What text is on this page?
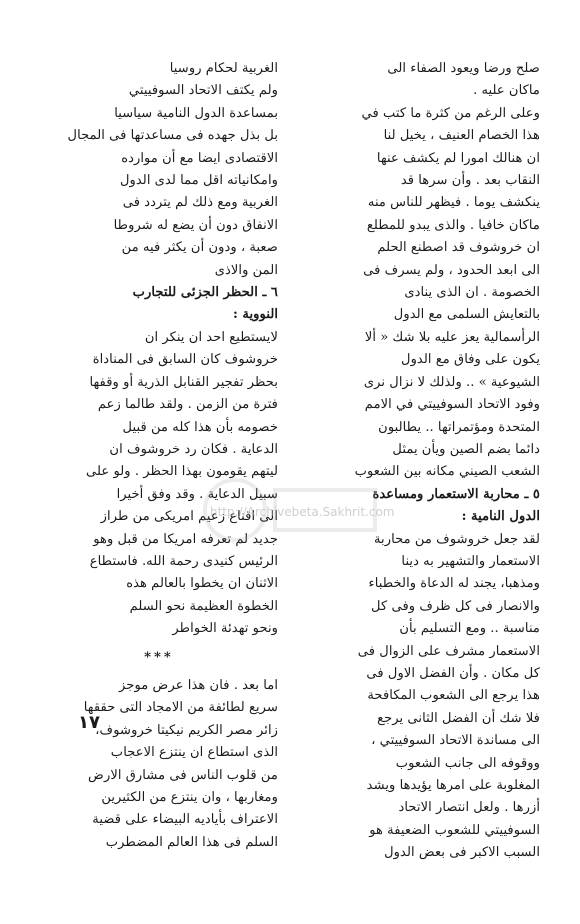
صلح ورضا ويعود الصفاء الى
ماكان عليه .
وعلى الرغم من كثرة ما كتب في
هذا الخصام العنيف ، يخيل لنا
ان هنالك امورا لم يكشف عنها
النقاب بعد . وأن سرها قد
ينكشف يوما . فيظهر للناس منه
ماكان خافيا . والذى يبدو للمطلع
ان خروشوف قد اصطنع الحلم
الى ابعد الحدود ، ولم يسرف فى
الخصومة . ان الذى ينادى
بالتعايش السلمى مع الدول
الرأسمالية يعز عليه بلا شك « ألا
يكون على وفاق مع الدول
الشيوعية » .. ولذلك لا نزال نرى
وفود الاتحاد السوفييتي في الامم
المتحدة ومؤتمراتها .. يطالبون
دائما بضم الصين ويأن يمثل
الشعب الصيني مكانه بين الشعوب
٥ ـ محاربة الاستعمار ومساعدة
الدول النامية :
لقد جعل خروشوف من محاربة
الاستعمار والتشهير به دينا
ومذهبا، يجند له الدعاة والخطباء
والانصار فى كل ظرف وفى كل
مناسبة .. ومع التسليم بأن
الاستعمار مشرف على الزوال فى
كل مكان . وأن الفضل الاول فى
هذا يرجع الى الشعوب المكافحة
فلا شك أن الفضل الثانى يرجع
الى مساندة الاتحاد السوفييتي ،
ووقوفه الى جانب الشعوب
المغلوبة على امرها يؤيدها ويشد
أزرها . ولعل انتصار الاتحاد
السوفييتي للشعوب الضعيفة هو
السبب الاكبر فى بعض الدول
الغربية لحكام روسيا
ولم يكتف الاتحاد السوفييتي
بمساعدة الدول النامية سياسيا
بل بذل جهده فى مساعدتها فى المجال
الاقتصادى ايضا مع أن موارده
وامكانياته اقل مما لدى الدول
الغربية ومع ذلك لم يتردد فى
الانفاق دون أن يضع له شروطا
صعبة ، ودون أن يكثر فيه من
المن والاذى
٦ ـ الحظر الجزئى للتجارب
النووية :
لايستطيع احد ان ينكر ان
خروشوف كان السابق فى المناداة
بحظر تفجير القنابل الذرية أو وقفها
فترة من الزمن . ولقد طالما زعم
خصومه بأن هذا كله من قبيل
الدعاية . فكان رد خروشوف ان
ليتهم يقومون بهذا الحظر . ولو على
سبيل الدعاية . وقد وفق أخيرا
الى اقناع زعيم امريكى من طراز
جديد لم تعرفه امريكا من قبل وهو
الرئيس كنيدى رحمة الله. فاستطاع
الاثنان ان يخطوا بالعالم هذه
الخطوة العظيمة نحو السلم
ونحو تهدئة الخواطر
***
اما بعد . فان هذا عرض موجز
سريع لطائفة من الامجاد التى حققها
زائر مصر الكريم نيكيتا خروشوف،
الذى استطاع ان ينتزع الاعجاب
من قلوب الناس فى مشارق الارض
ومغاربها ، وان ينتزع من الكثيرين
الاعتراف بأياديه البيضاء على قضية
السلم فى هذا العالم المضطرب
http://Archivebeta.Sakhrit.com
١٧
